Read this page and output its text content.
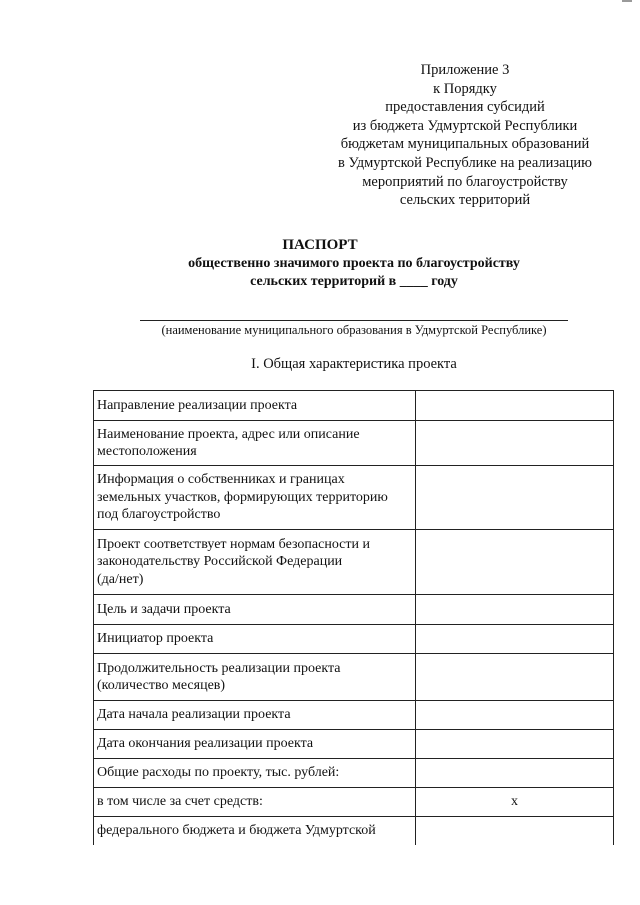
Приложение 3
к Порядку
предоставления субсидий
из бюджета Удмуртской Республики
бюджетам муниципальных образований
в Удмуртской Республике на реализацию
мероприятий по благоустройству
сельских территорий
ПАСПОРТ
общественно значимого проекта по благоустройству
сельских территорий в ____ году
(наименование муниципального образования в Удмуртской Республике)
I. Общая характеристика проекта
Направление реализации проекта	
Наименование проекта, адрес или описание
местоположения	
Информация о собственниках и границах
земельных участков, формирующих территорию
под благоустройство	
Проект соответствует нормам безопасности и
законодательству Российской Федерации
(да/нет)	
Цель и задачи проекта	
Инициатор проекта	
Продолжительность реализации проекта
(количество месяцев)	
Дата начала реализации проекта	
Дата окончания реализации проекта	
Общие расходы по проекту, тыс. рублей:	
в том числе за счет средств:	х
федерального бюджета и бюджета Удмуртской	
